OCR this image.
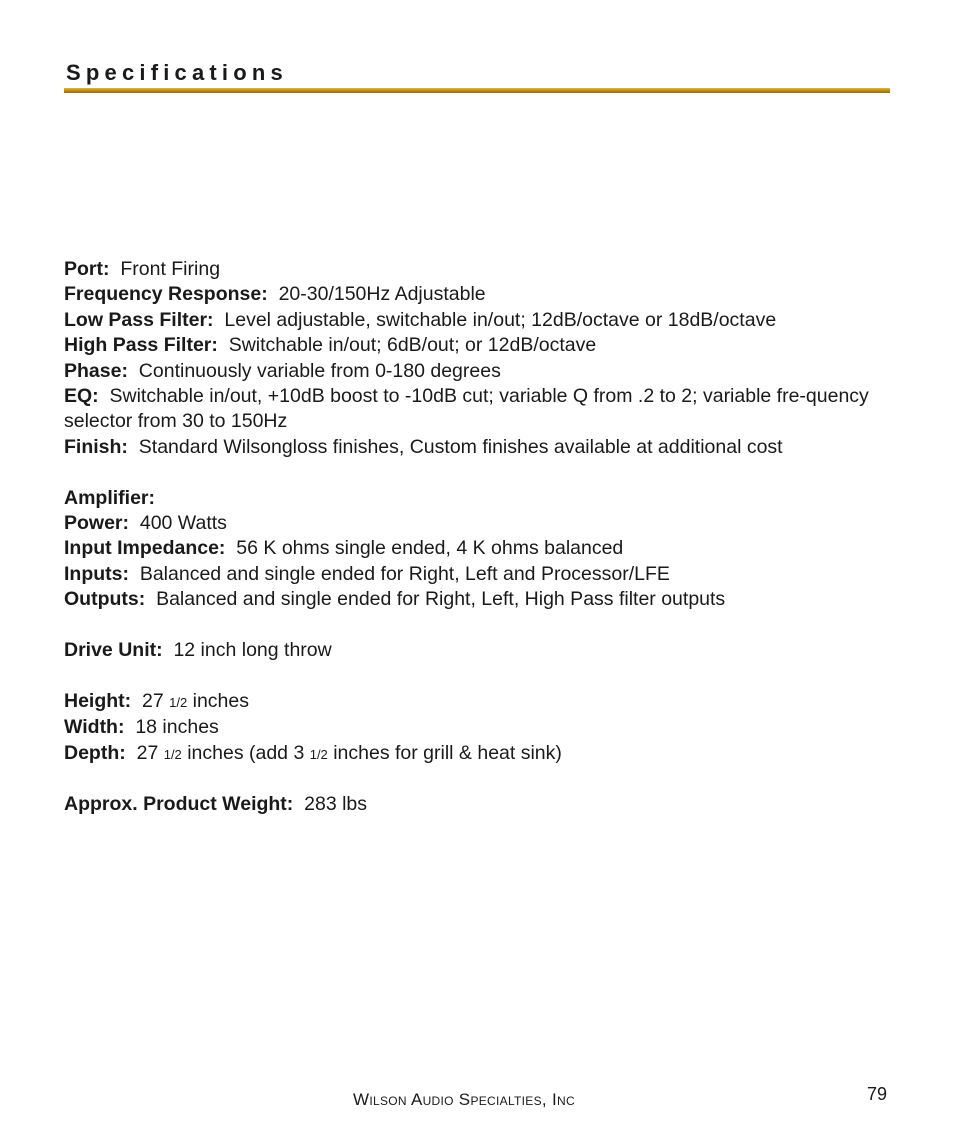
Specifications

Port: Front Firing

Frequency Response: 20-30/150Hz Adjustable

Low Pass Filter: Level adjustable, switchable in/out; 12dB/octave or 18dB/octave

High Pass Filter: Switchable in/out; 6dB/out; or 12dB/octave

Phase: Continuously variable from 0-180 degrees

EQ: Switchable in/out, +10dB boost to -10dB cut; variable Q from .2 to 2; variable fre-quency selector from 30 to 150Hz

Finish: Standard Wilsongloss finishes, Custom finishes available at additional cost

Amplifier:

Power: 400 Watts

Input Impedance: 56 K ohms single ended, 4 K ohms balanced

Inputs: Balanced and single ended for Right, Left and Processor/LFE

Outputs: Balanced and single ended for Right, Left, High Pass filter outputs

Drive Unit: 12 inch long throw

Height: 27 1/2 inches

Width: 18 inches

Depth: 27 1/2 inches (add 3 1/2 inches for grill & heat sink)

Approx. Product Weight: 283 lbs

Wilson Audio Specialties, Inc	79
